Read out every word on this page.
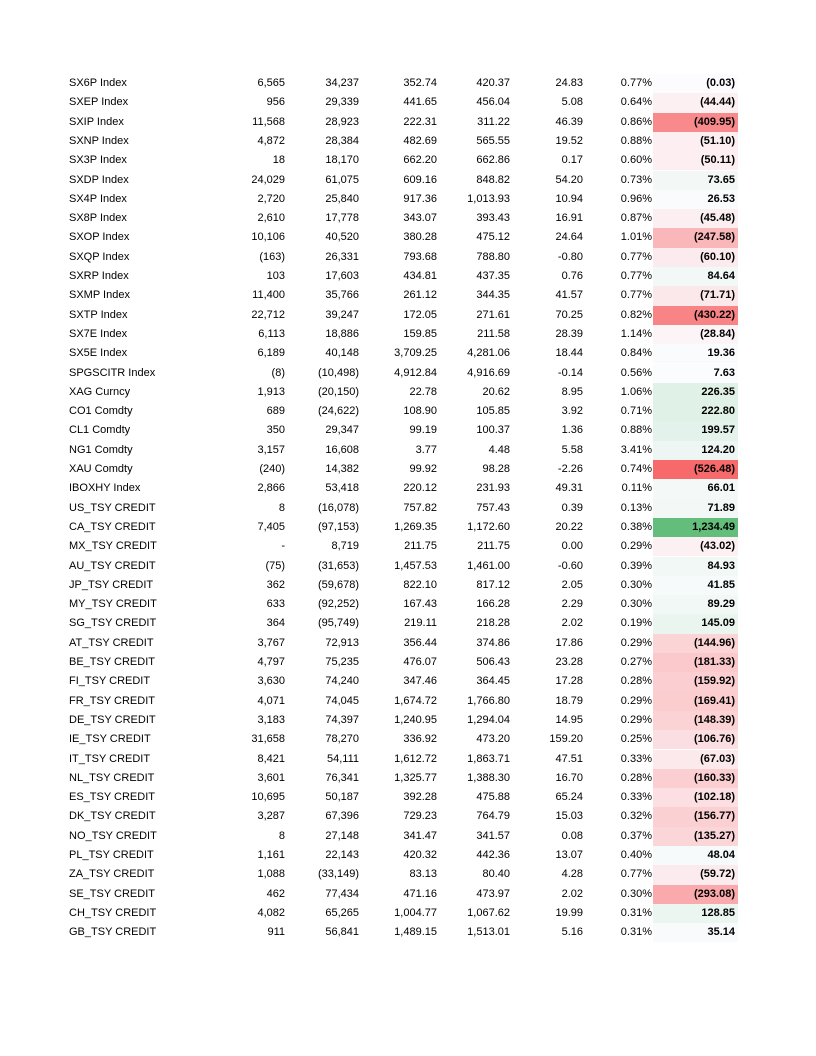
SX6P Index	6,565	34,237	352.74	420.37	24.83	0.77%	(0.03)
SXEP Index	956	29,339	441.65	456.04	5.08	0.64%	(44.44)
SXIP Index	11,568	28,923	222.31	311.22	46.39	0.86%	(409.95)
SXNP Index	4,872	28,384	482.69	565.55	19.52	0.88%	(51.10)
SX3P Index	18	18,170	662.20	662.86	0.17	0.60%	(50.11)
SXDP Index	24,029	61,075	609.16	848.82	54.20	0.73%	73.65
SX4P Index	2,720	25,840	917.36	1,013.93	10.94	0.96%	26.53
SX8P Index	2,610	17,778	343.07	393.43	16.91	0.87%	(45.48)
SXOP Index	10,106	40,520	380.28	475.12	24.64	1.01%	(247.58)
SXQP Index	(163)	26,331	793.68	788.80	-0.80	0.77%	(60.10)
SXRP Index	103	17,603	434.81	437.35	0.76	0.77%	84.64
SXMP Index	11,400	35,766	261.12	344.35	41.57	0.77%	(71.71)
SXTP Index	22,712	39,247	172.05	271.61	70.25	0.82%	(430.22)
SX7E Index	6,113	18,886	159.85	211.58	28.39	1.14%	(28.84)
SX5E Index	6,189	40,148	3,709.25	4,281.06	18.44	0.84%	19.36
SPGSCITR Index	(8)	(10,498)	4,912.84	4,916.69	-0.14	0.56%	7.63
XAG Curncy	1,913	(20,150)	22.78	20.62	8.95	1.06%	226.35
CO1 Comdty	689	(24,622)	108.90	105.85	3.92	0.71%	222.80
CL1 Comdty	350	29,347	99.19	100.37	1.36	0.88%	199.57
NG1 Comdty	3,157	16,608	3.77	4.48	5.58	3.41%	124.20
XAU Comdty	(240)	14,382	99.92	98.28	-2.26	0.74%	(526.48)
IBOXHY Index	2,866	53,418	220.12	231.93	49.31	0.11%	66.01
US_TSY CREDIT	8	(16,078)	757.82	757.43	0.39	0.13%	71.89
CA_TSY CREDIT	7,405	(97,153)	1,269.35	1,172.60	20.22	0.38%	1,234.49
MX_TSY CREDIT	-	8,719	211.75	211.75	0.00	0.29%	(43.02)
AU_TSY CREDIT	(75)	(31,653)	1,457.53	1,461.00	-0.60	0.39%	84.93
JP_TSY CREDIT	362	(59,678)	822.10	817.12	2.05	0.30%	41.85
MY_TSY CREDIT	633	(92,252)	167.43	166.28	2.29	0.30%	89.29
SG_TSY CREDIT	364	(95,749)	219.11	218.28	2.02	0.19%	145.09
AT_TSY CREDIT	3,767	72,913	356.44	374.86	17.86	0.29%	(144.96)
BE_TSY CREDIT	4,797	75,235	476.07	506.43	23.28	0.27%	(181.33)
FI_TSY CREDIT	3,630	74,240	347.46	364.45	17.28	0.28%	(159.92)
FR_TSY CREDIT	4,071	74,045	1,674.72	1,766.80	18.79	0.29%	(169.41)
DE_TSY CREDIT	3,183	74,397	1,240.95	1,294.04	14.95	0.29%	(148.39)
IE_TSY CREDIT	31,658	78,270	336.92	473.20	159.20	0.25%	(106.76)
IT_TSY CREDIT	8,421	54,111	1,612.72	1,863.71	47.51	0.33%	(67.03)
NL_TSY CREDIT	3,601	76,341	1,325.77	1,388.30	16.70	0.28%	(160.33)
ES_TSY CREDIT	10,695	50,187	392.28	475.88	65.24	0.33%	(102.18)
DK_TSY CREDIT	3,287	67,396	729.23	764.79	15.03	0.32%	(156.77)
NO_TSY CREDIT	8	27,148	341.47	341.57	0.08	0.37%	(135.27)
PL_TSY CREDIT	1,161	22,143	420.32	442.36	13.07	0.40%	48.04
ZA_TSY CREDIT	1,088	(33,149)	83.13	80.40	4.28	0.77%	(59.72)
SE_TSY CREDIT	462	77,434	471.16	473.97	2.02	0.30%	(293.08)
CH_TSY CREDIT	4,082	65,265	1,004.77	1,067.62	19.99	0.31%	128.85
GB_TSY CREDIT	911	56,841	1,489.15	1,513.01	5.16	0.31%	35.14
